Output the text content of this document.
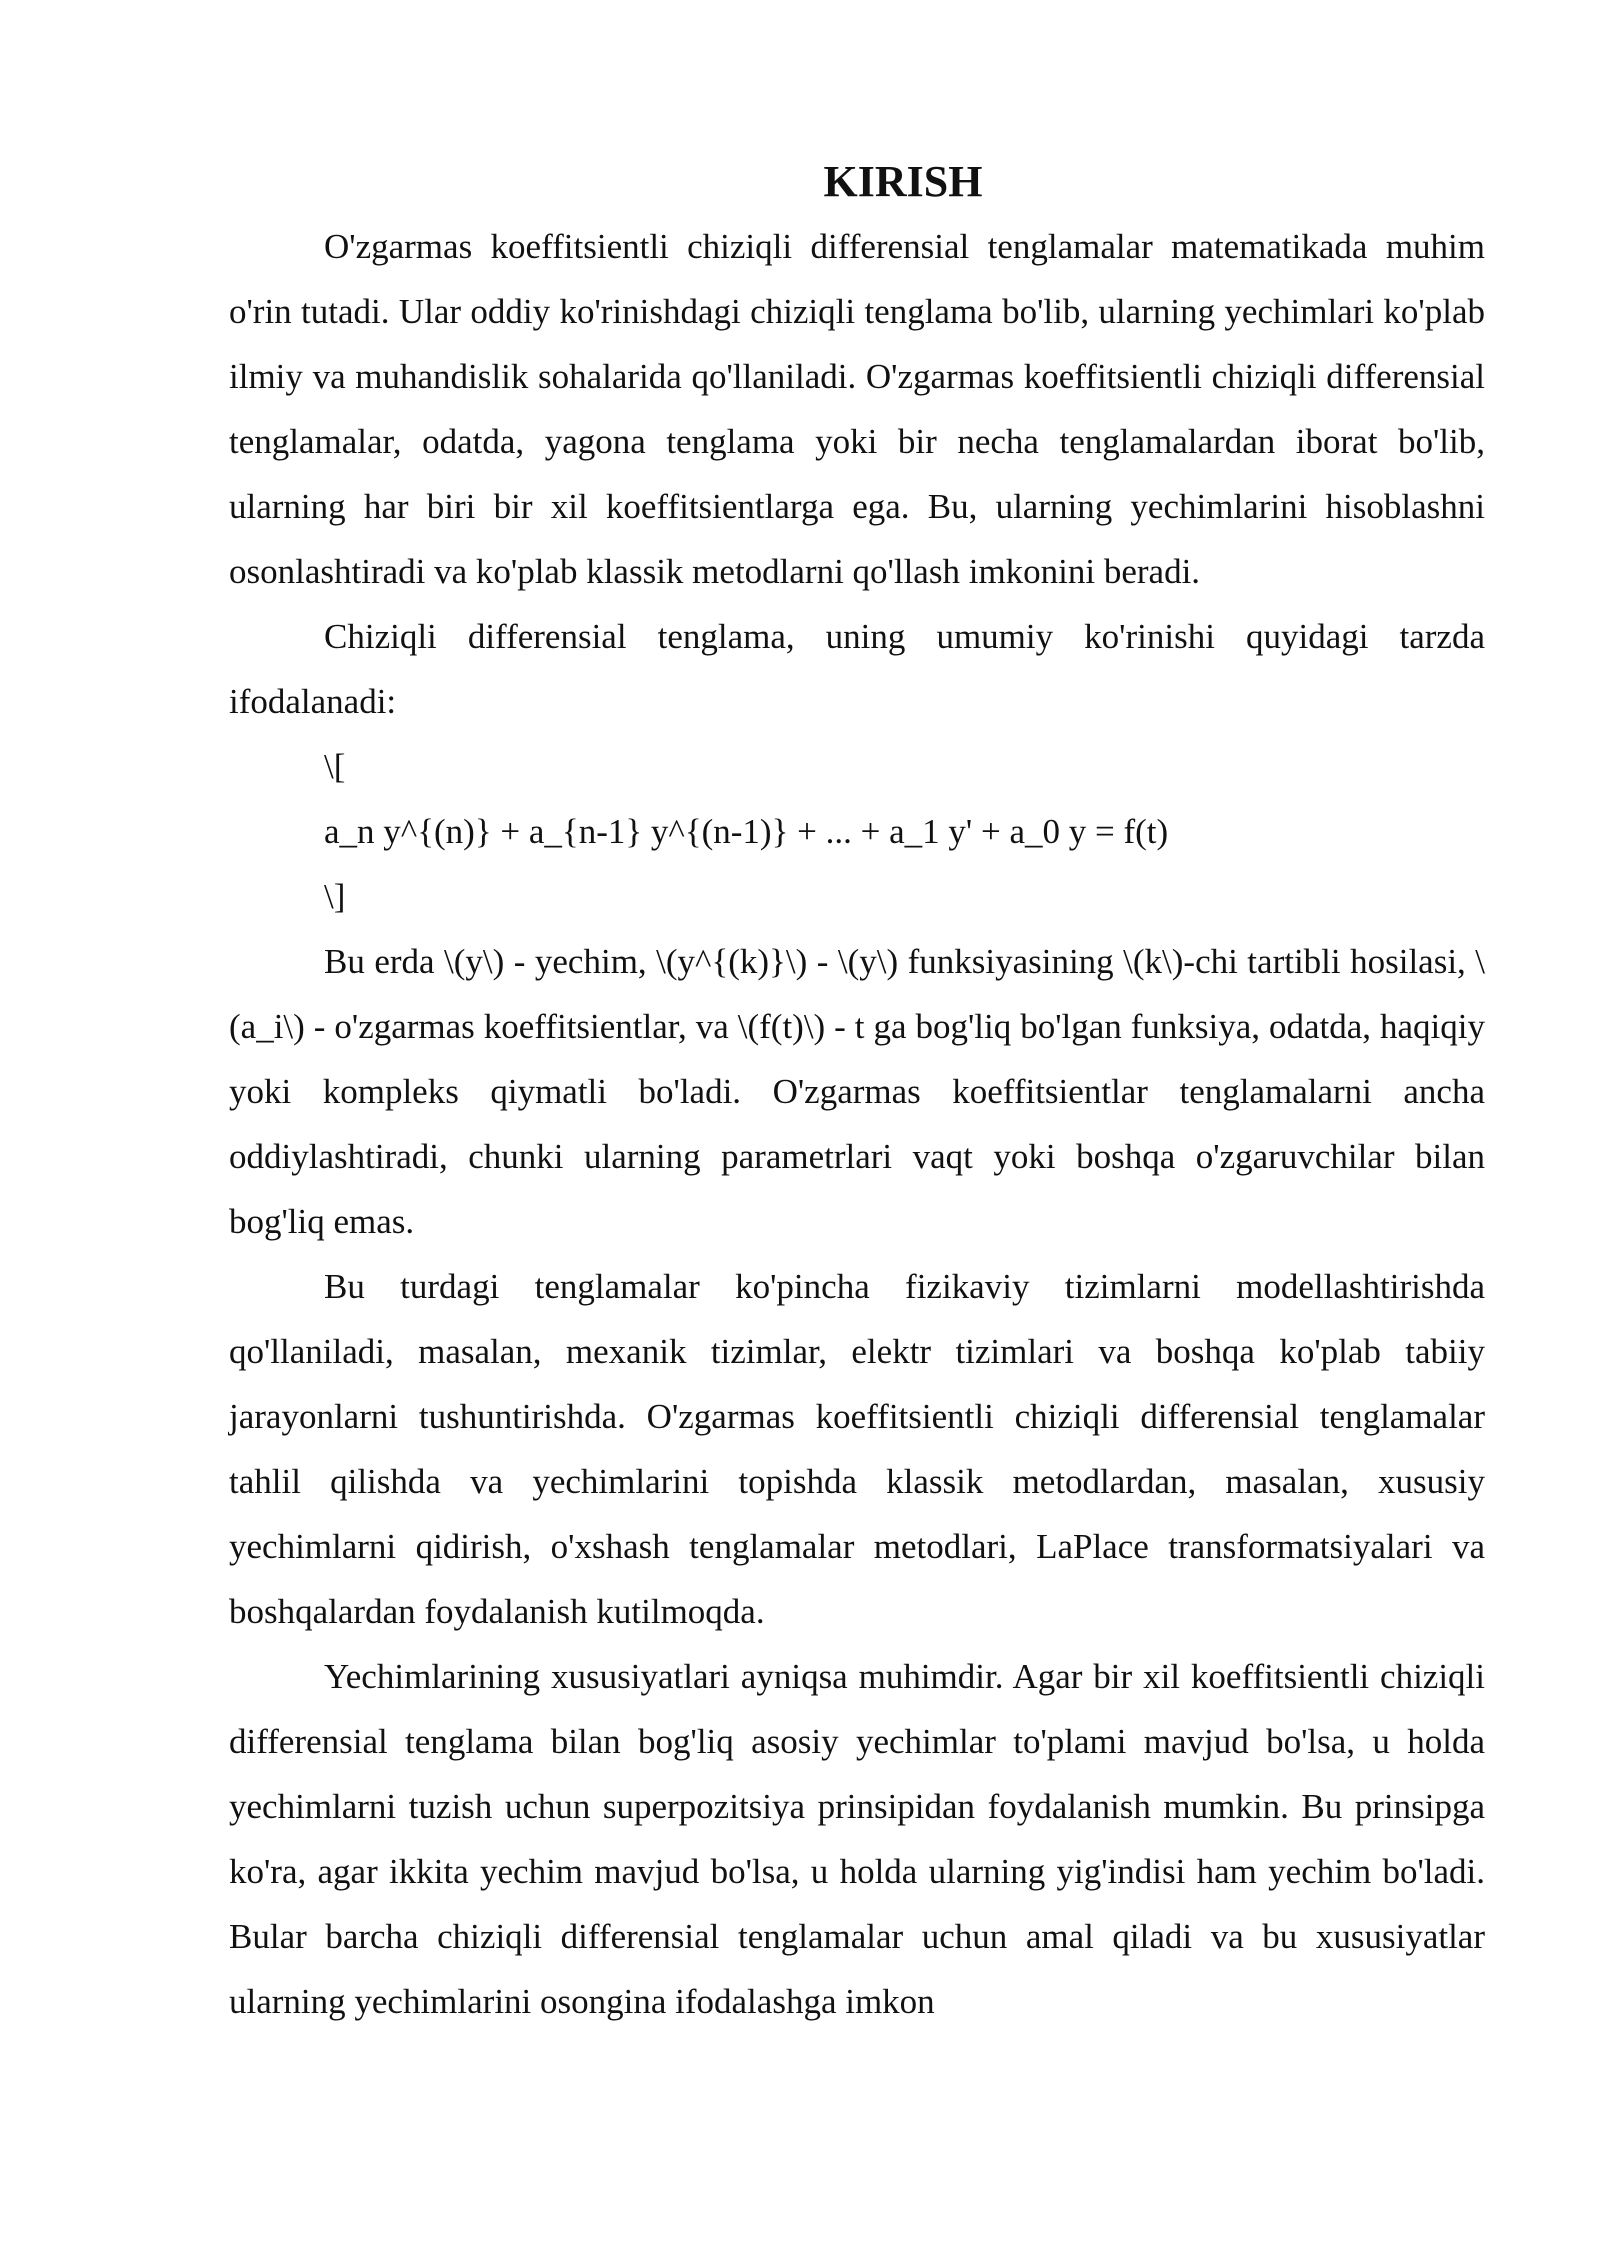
KIRISH

O'zgarmas koeffitsientli chiziqli differensial tenglamalar matematikada muhim o'rin tutadi. Ular oddiy ko'rinishdagi chiziqli tenglama bo'lib, ularning yechimlari ko'plab ilmiy va muhandislik sohalarida qo'llaniladi. O'zgarmas koeffitsientli chiziqli differensial tenglamalar, odatda, yagona tenglama yoki bir necha tenglamalardan iborat bo'lib, ularning har biri bir xil koeffitsientlarga ega. Bu, ularning yechimlarini hisoblashni osonlashtiradi va ko'plab klassik metodlarni qo'llash imkonini beradi.

Chiziqli differensial tenglama, uning umumiy ko'rinishi quyidagi tarzda ifodalanadi:

\[

a_n y^{(n)} + a_{n-1} y^{(n-1)} + ... + a_1 y' + a_0 y = f(t)

\]

Bu erda \(y\) - yechim, \(y^{(k)}\) - \(y\) funksiyasining \(k\)-chi tartibli hosilasi, \(a_i\) - o'zgarmas koeffitsientlar, va \(f(t)\) - t ga bog'liq bo'lgan funksiya, odatda, haqiqiy yoki kompleks qiymatli bo'ladi. O'zgarmas koeffitsientlar tenglamalarni ancha oddiylashtiradi, chunki ularning parametrlari vaqt yoki boshqa o'zgaruvchilar bilan bog'liq emas.

Bu turdagi tenglamalar ko'pincha fizikaviy tizimlarni modellashtirishda qo'llaniladi, masalan, mexanik tizimlar, elektr tizimlari va boshqa ko'plab tabiiy jarayonlarni tushuntirishda. O'zgarmas koeffitsientli chiziqli differensial tenglamalar tahlil qilishda va yechimlarini topishda klassik metodlardan, masalan, xususiy yechimlarni qidirish, o'xshash tenglamalar metodlari, LaPlace transformatsiyalari va boshqalardan foydalanish kutilmoqda.

Yechimlarining xususiyatlari ayniqsa muhimdir. Agar bir xil koeffitsientli chiziqli differensial tenglama bilan bog'liq asosiy yechimlar to'plami mavjud bo'lsa, u holda yechimlarni tuzish uchun superpozitsiya prinsipidan foydalanish mumkin. Bu prinsipga ko'ra, agar ikkita yechim mavjud bo'lsa, u holda ularning yig'indisi ham yechim bo'ladi. Bular barcha chiziqli differensial tenglamalar uchun amal qiladi va bu xususiyatlar ularning yechimlarini osongina ifodalashga imkon
